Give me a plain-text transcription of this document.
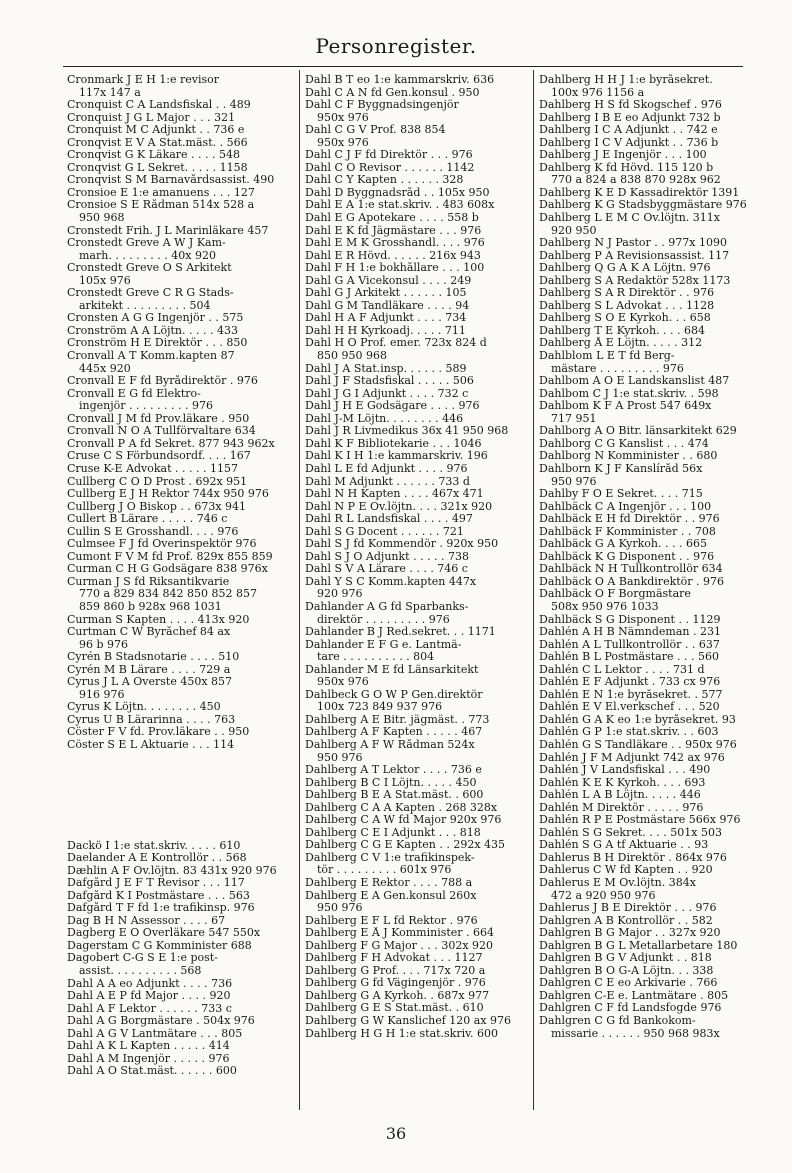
Personregister.
Cronmark J E H 1:e revisor
117x 147 a
Cronquist C A Landsfiskal . . 489
Cronquist J G L Major . . . 321
Cronquist M C Adjunkt . . 736 e
Cronqvist E V A Stat.mäst. . 566
Cronqvist G K Läkare . . . . 548
Cronqvist G L Sekret. . . . . 1158
Cronqvist S M Barnavårdsassist. 490
Cronsioe E 1:e amanuens . . . 127
Cronsioe S E Rådman 514x 528 a
950 968
Cronstedt Frih. J L Marinläkare 457
Cronstedt Greve A W J Kam-
marh. . . . . . . . . 40x 920
Cronstedt Greve O S Arkitekt
105x 976
Cronstedt Greve C R G Stads-
arkitekt . . . . . . . . . 504
Cronsten A G G Ingenjör . . 575
Cronström A A Löjtn. . . . . 433
Cronström H E Direktör . . . 850
Cronvall A T Komm.kapten 87
445x 920
Cronvall E F fd Byrådirektör . 976
Cronvall E G fd Elektro-
ingenjör . . . . . . . . . 976
Cronvall J M fd Prov.läkare . 950
Cronvall N O A Tullförvaltare 634
Cronvall P A fd Sekret. 877 943 962x
Cruse C S Förbundsordf. . . . 167
Cruse K-E Advokat . . . . . 1157
Cullberg C O D Prost . 692x 951
Cullberg E J H Rektor 744x 950 976
Cullberg J O Biskop . . 673x 941
Cullert B Lärare . . . . . 746 c
Cullin S E Grosshandl. . . . 976
Culmsee F J fd Överinspektör 976
Cumont F V M fd Prof. 829x 855 859
Curman C H G Godsägare 838 976x
Curman J S fd Riksantikvarie
770 a 829 834 842 850 852 857
859 860 b 928x 968 1031
Curman S Kapten . . . . 413x 920
Curtman C W Byråchef 84 ax
96 b 976
Cyrén B Stadsnotarie . . . . 510
Cyrén M B Lärare . . . . 729 a
Cyrus J L A Överste 450x 857
916 976
Cyrus K Löjtn. . . . . . . . 450
Cyrus U B Lärarinna . . . . 763
Cöster F V fd. Prov.läkare . . 950
Cöster S E L Aktuarie . . . 114
Dackö I 1:e stat.skriv. . . . . 610
Daelander A E Kontrollör . . 568
Dæhlin A F Öv.löjtn. 83 431x 920 976
Dafgård J E F T Revisor . . . 117
Dafgård K I Postmästare . . . 563
Dafgård T F fd 1:e trafikinsp. 976
Dag B H N Assessor . . . . 67
Dagberg E O Överläkare 547 550x
Dagerstam C G Komminister 688
Dagobert C-G S E 1:e post-
assist. . . . . . . . . . 568
Dahl A A eo Adjunkt . . . . 736
Dahl A E P fd Major . . . . 920
Dahl A F Lektor . . . . . . 733 c
Dahl A G Borgmästare . 504x 976
Dahl A G V Lantmätare . . . 805
Dahl A K L Kapten . . . . . 414
Dahl A M Ingenjör . . . . . 976
Dahl A O Stat.mäst. . . . . . 600
Dahl B T eo 1:e kammarskriv. 636
Dahl C A N fd Gen.konsul . 950
Dahl C F Byggnadsingenjör
950x 976
Dahl C G V Prof. 838 854
950x 976
Dahl C J F fd Direktör . . . 976
Dahl C O Revisor . . . . . . 1142
Dahl C Y Kapten . . . . . . 328
Dahl D Byggnadsråd . . 105x 950
Dahl E A 1:e stat.skriv. . 483 608x
Dahl E G Apotekare . . . . 558 b
Dahl E K fd Jägmästare . . . 976
Dahl E M K Grosshandl. . . . 976
Dahl E R Hövd. . . . . . 216x 943
Dahl F H 1:e bokhållare . . . 100
Dahl G A Vicekonsul . . . . 249
Dahl G J Arkitekt . . . . . . 105
Dahl G M Tandläkare . . . . 94
Dahl H A F Adjunkt . . . . 734
Dahl H H Kyrkoadj. . . . . 711
Dahl H O Prof. emer. 723x 824 d
850 950 968
Dahl J A Stat.insp. . . . . . 589
Dahl J F Stadsfiskal . . . . . 506
Dahl J G I Adjunkt . . . . 732 c
Dahl J H E Godsägare . . . . 976
Dahl J-M Löjtn. . . . . . . . 446
Dahl J R Livmedikus 36x 41 950 968
Dahl K F Bibliotekarie . . . 1046
Dahl K I H 1:e kammarskriv. 196
Dahl L E fd Adjunkt . . . . 976
Dahl M Adjunkt . . . . . . 733 d
Dahl N H Kapten . . . . 467x 471
Dahl N P E Öv.löjtn. . . . 321x 920
Dahl R L Landsfiskal . . . . 497
Dahl S G Docent . . . . . . 721
Dahl S J fd Kommendör . 920x 950
Dahl S J O Adjunkt . . . . . 738
Dahl S V A Lärare . . . . 746 c
Dahl Y S C Komm.kapten 447x
920 976
Dahlander A G fd Sparbanks-
direktör . . . . . . . . . 976
Dahlander B J Red.sekret. . . 1171
Dahlander E F G e. Lantmä-
tare . . . . . . . . . . 804
Dahlander M E fd Länsarkitekt
950x 976
Dahlbeck G O W P Gen.direktör
100x 723 849 937 976
Dahlberg A E Bitr. jägmäst. . 773
Dahlberg A F Kapten . . . . . 467
Dahlberg A F W Rådman 524x
950 976
Dahlberg A T Lektor . . . . 736 e
Dahlberg B C I Löjtn. . . . . 450
Dahlberg B E A Stat.mäst. . 600
Dahlberg C A A Kapten . 268 328x
Dahlberg C A W fd Major 920x 976
Dahlberg C E I Adjunkt . . . 818
Dahlberg C G E Kapten . . 292x 435
Dahlberg C V 1:e trafikinspek-
tör . . . . . . . . . 601x 976
Dahlberg E Rektor . . . . 788 a
Dahlberg E A Gen.konsul 260x
950 976
Dahlberg E F L fd Rektor . 976
Dahlberg E Å J Komminister . 664
Dahlberg F G Major . . . 302x 920
Dahlberg F H Advokat . . . 1127
Dahlberg G Prof. . . . 717x 720 a
Dahlberg G fd Vägingenjör . 976
Dahlberg G A Kyrkoh. . 687x 977
Dahlberg G E S Stat.mäst. . 610
Dahlberg G W Kanslichef 120 ax 976
Dahlberg H G H 1:e stat.skriv. 600
Dahlberg H H J 1:e byråsekret.
100x 976 1156 a
Dahlberg H S fd Skogschef . 976
Dahlberg I B E eo Adjunkt 732 b
Dahlberg I C A Adjunkt . . 742 e
Dahlberg I C V Adjunkt . . 736 b
Dahlberg J E Ingenjör . . . 100
Dahlberg K fd Hövd. 115 120 b
770 a 824 a 838 870 928x 962
Dahlberg K E D Kassadirektör 1391
Dahlberg K G Stadsbyggmästare 976
Dahlberg L E M C Öv.löjtn. 311x
920 950
Dahlberg N J Pastor . . 977x 1090
Dahlberg P A Revisionsassist. 117
Dahlberg Q G A K A Löjtn. 976
Dahlberg S A Redaktör 528x 1173
Dahlberg S A R Direktör . . 976
Dahlberg S L Advokat . . . 1128
Dahlberg S O E Kyrkoh. . . 658
Dahlberg T E Kyrkoh. . . . 684
Dahlberg Å E Löjtn. . . . . 312
Dahlblom L E T fd Berg-
mästare . . . . . . . . . 976
Dahlbom A O E Landskanslist 487
Dahlbom C J 1:e stat.skriv. . 598
Dahlbom K F A Prost 547 649x
717 951
Dahlborg A O Bitr. länsarkitekt 629
Dahlborg C G Kanslist . . . 474
Dahlborg N Komminister . . 680
Dahlborn K J F Kanslíråd 56x
950 976
Dahlby F O E Sekret. . . . 715
Dahlbäck C A Ingenjör . . . 100
Dahlbäck E H fd Direktör . . 976
Dahlbäck F Komminister . . 708
Dahlbäck G A Kyrkoh. . . . 665
Dahlbäck K G Disponent . . 976
Dahlbäck N H Tullkontrollör 634
Dahlbäck O A Bankdirektör . 976
Dahlbäck O F Borgmästare
508x 950 976 1033
Dahlbäck S G Disponent . . 1129
Dahlén A H B Nämndeman . 231
Dahlén A L Tullkontrollör . . 637
Dahlén B L Postmästare . . . 560
Dahlén C L Lektor . . . . 731 d
Dahlén E F Adjunkt . 733 cx 976
Dahlén E N 1:e byråsekret. . 577
Dahlén E V El.verkschef . . . 520
Dahlén G A K eo 1:e byråsekret. 93
Dahlén G P 1:e stat.skriv. . . 603
Dahlén G S Tandläkare . . 950x 976
Dahlén J F M Adjunkt 742 ax 976
Dahlén J V Landsfiskal . . . 490
Dahlén K E K Kyrkoh. . . . 693
Dahlén L A B Löjtn. . . . . 446
Dahlén M Direktör . . . . . 976
Dahlén R P E Postmästare 566x 976
Dahlén S G Sekret. . . . 501x 503
Dahlén S G A tf Aktuarie . . 93
Dahlerus B H Direktör . 864x 976
Dahlerus C W fd Kapten . . 920
Dahlerus E M Öv.löjtn. 384x
472 a 920 950 976
Dahlerus J B E Direktör . . . 976
Dahlgren A B Kontrollör . . 582
Dahlgren B G Major . . 327x 920
Dahlgren B G L Metallarbetare 180
Dahlgren B G V Adjunkt . . 818
Dahlgren B O G-A Löjtn. . . 338
Dahlgren C E eo Arkivarie . 766
Dahlgren C-E e. Lantmätare . 805
Dahlgren C F fd Landsfogde 976
Dahlgren C G fd Bankokom-
missarie . . . . . . 950 968 983x
36
